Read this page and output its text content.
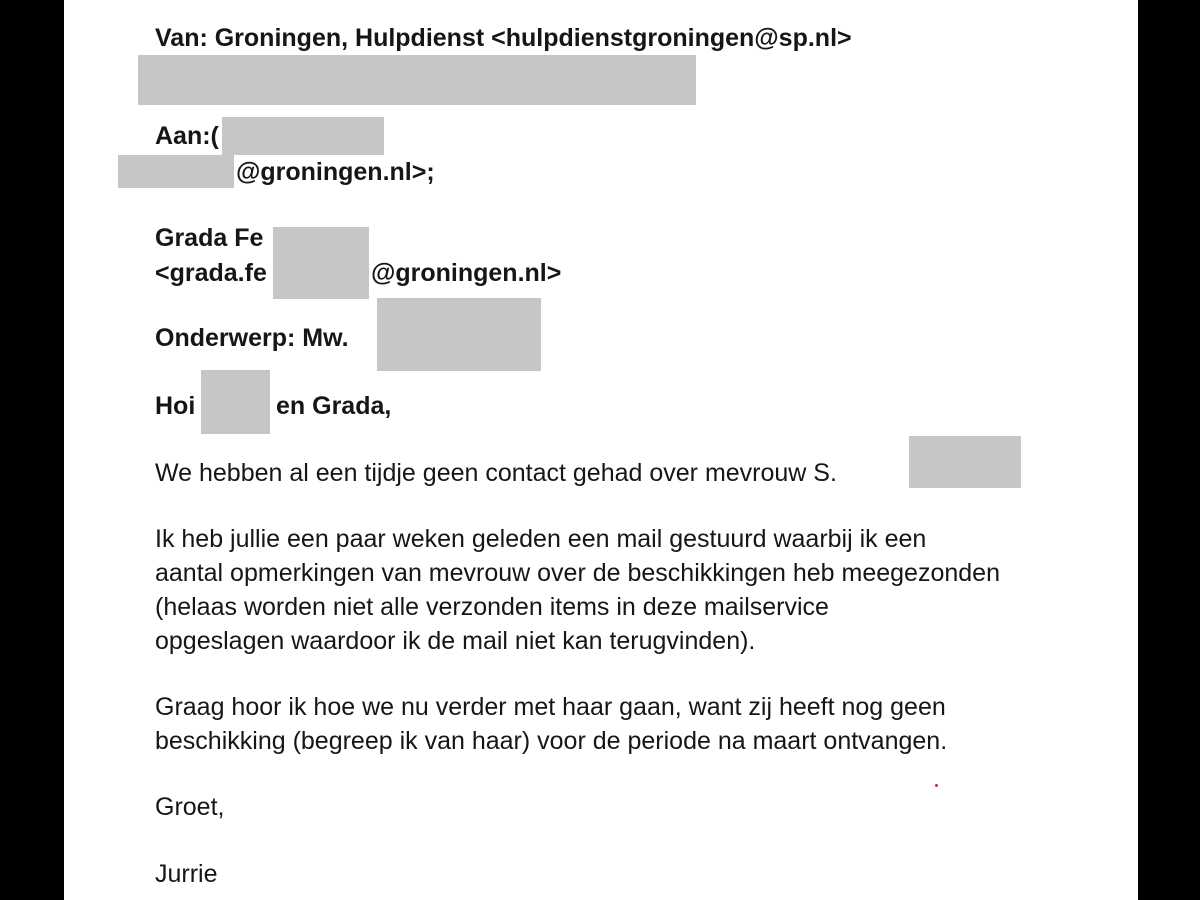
Van: Groningen, Hulpdienst <hulpdienstgroningen@sp.nl>
Aan:(
@groningen.nl>;
Grada Fe
<grada.fe	@groningen.nl>
Onderwerp: Mw.
Hoi	en Grada,
We hebben al een tijdje geen contact gehad over mevrouw S.
Ik heb jullie een paar weken geleden een mail gestuurd waarbij ik een
aantal opmerkingen van mevrouw over de beschikkingen heb meegezonden
(helaas worden niet alle verzonden items in deze mailservice
opgeslagen waardoor ik de mail niet kan terugvinden).
Graag hoor ik hoe we nu verder met haar gaan, want zij heeft nog geen
beschikking (begreep ik van haar) voor de periode na maart ontvangen.
Groet,
Jurrie
